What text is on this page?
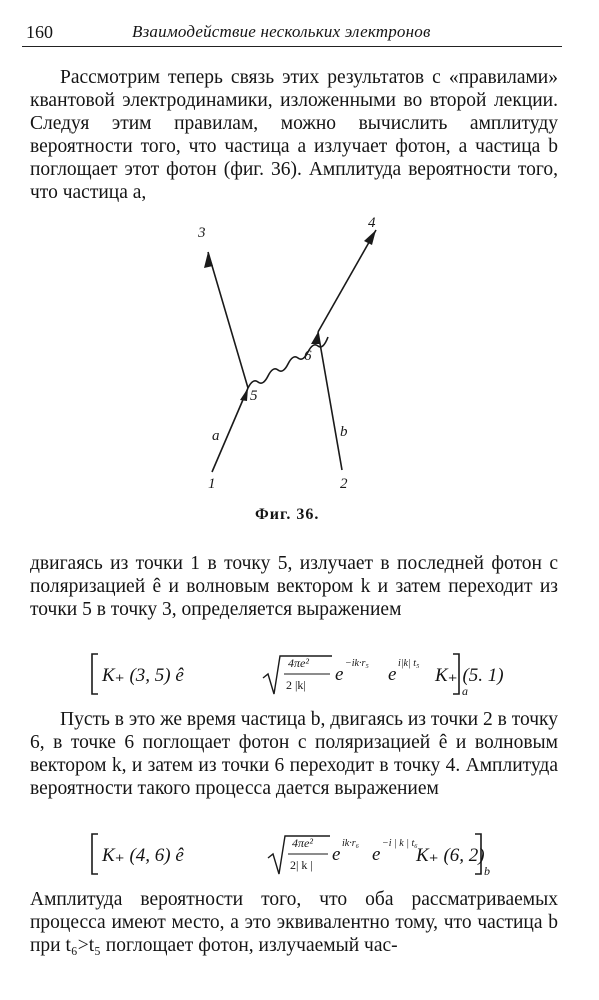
160	Взаимодействие нескольких электронов

Рассмотрим теперь связь этих результатов с «правилами» квантовой электродинамики, изложенными во второй лекции. Следуя этим правилам, можно вычислить амплитуду вероятности того, что частица a излучает фотон, а частица b поглощает этот фотон (фиг. 36). Амплитуда вероятности того, что частица a,

3
4
5
6
1	2
a	b
Фиг. 36.

двигаясь из точки 1 в точку 5, излучает в последней фотон с поляризацией ê и волновым вектором k и затем переходит из точки 5 в точку 3, определяется выражением

K₊ (3, 5) ê
4πe²
2 |k| e
−ik·r₅
e
i|k| t₅
K₊ (5. 1)
a

Пусть в это же время частица b, двигаясь из точки 2 в точку 6, в точке 6 поглощает фотон с поляризацией ê и волновым вектором k, и затем из точки 6 переходит в точку 4. Амплитуда вероятности такого процесса дается выражением

K₊ (4, 6) ê
4πe²
2| k | e
ik·r₆
e
−i | k | t₆
K₊ (6, 2)
b

Амплитуда вероятности того, что оба рассматриваемых процесса имеют место, а это эквивалентно тому, что частица b при t₆>t₅ поглощает фотон, излучаемый час-
